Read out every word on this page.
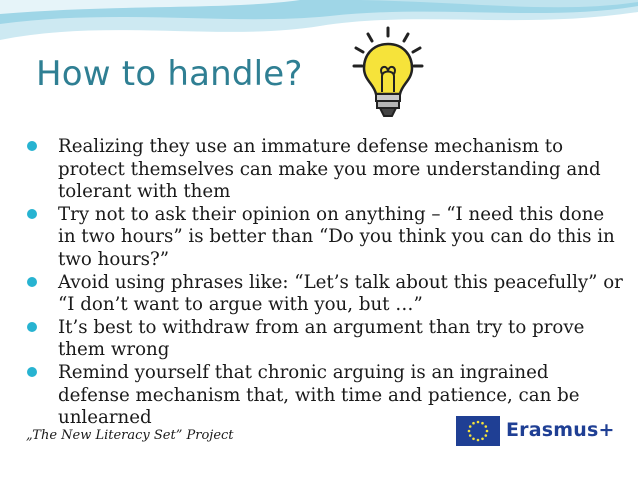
How to handle?
Realizing they use an immature defense mechanism to protect themselves can make you more understanding and tolerant with them
Try not to ask their opinion on anything – “I need this done in two hours” is better than “Do you think you can do this in two hours?”
Avoid using phrases like: “Let’s talk about this peacefully” or “I don’t want to argue with you, but …”
It’s best to withdraw from an argument than try to prove them wrong
Remind yourself that chronic arguing is an ingrained defense mechanism that, with time and patience, can be unlearned
„The New Literacy Set” Project	Erasmus+
